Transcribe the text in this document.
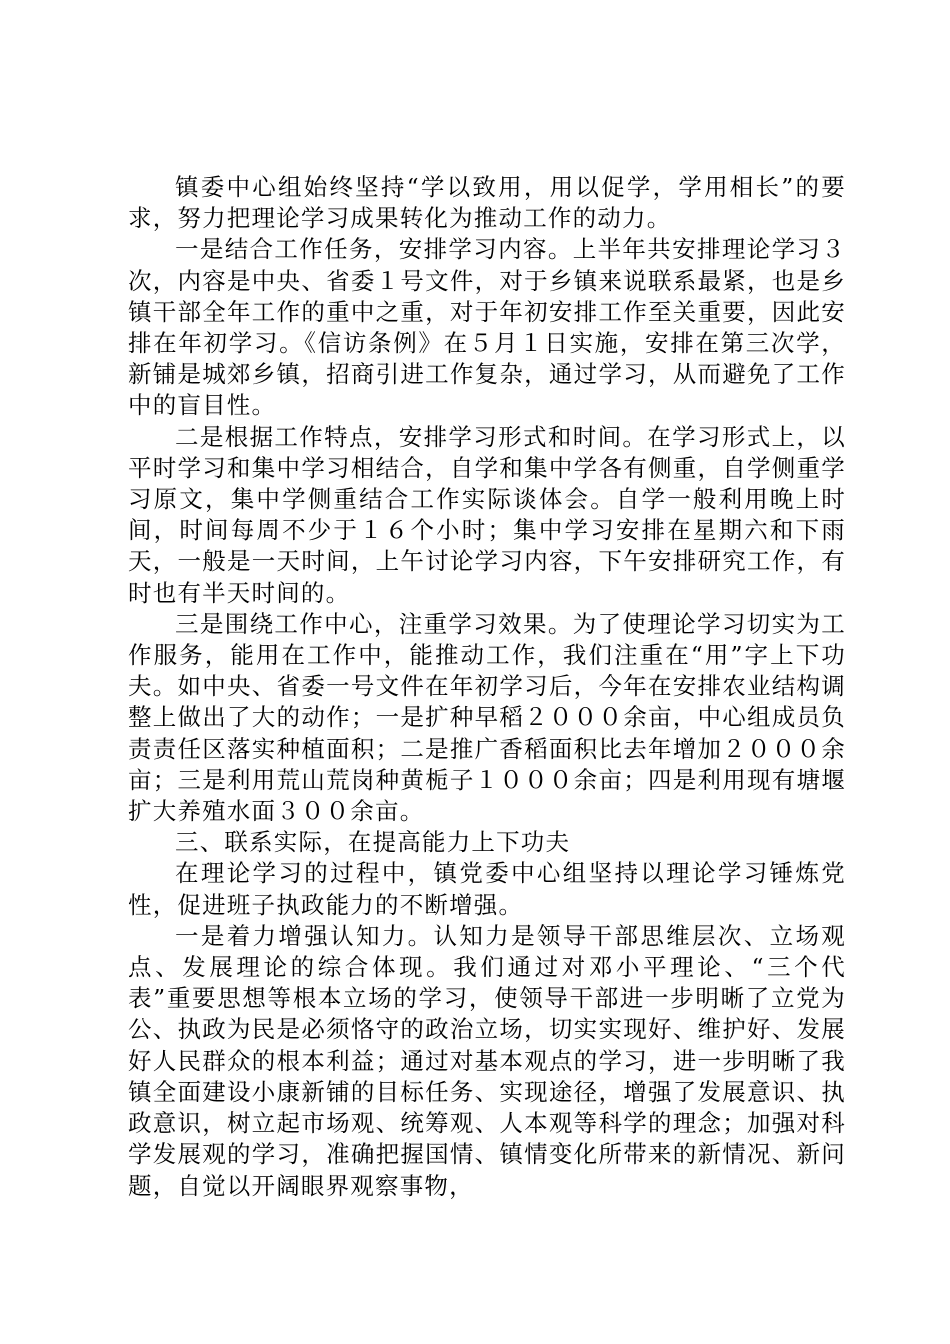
镇委中心组始终坚持“学以致用，用以促学，学用相长”的要求，努力把理论学习成果转化为推动工作的动力。

一是结合工作任务，安排学习内容。上半年共安排理论学习３次，内容是中央、省委１号文件，对于乡镇来说联系最紧，也是乡镇干部全年工作的重中之重，对于年初安排工作至关重要，因此安排在年初学习。《信访条例》在５月１日实施，安排在第三次学，新铺是城郊乡镇，招商引进工作复杂，通过学习，从而避免了工作中的盲目性。

二是根据工作特点，安排学习形式和时间。在学习形式上，以平时学习和集中学习相结合，自学和集中学各有侧重，自学侧重学习原文，集中学侧重结合工作实际谈体会。自学一般利用晚上时间，时间每周不少于１６个小时；集中学习安排在星期六和下雨天，一般是一天时间，上午讨论学习内容，下午安排研究工作，有时也有半天时间的。

三是围绕工作中心，注重学习效果。为了使理论学习切实为工作服务，能用在工作中，能推动工作，我们注重在“用”字上下功夫。如中央、省委一号文件在年初学习后，今年在安排农业结构调整上做出了大的动作；一是扩种早稻２０００余亩，中心组成员负责责任区落实种植面积；二是推广香稻面积比去年增加２０００余亩；三是利用荒山荒岗种黄栀子１０００余亩；四是利用现有塘堰扩大养殖水面３００余亩。

三、联系实际，在提高能力上下功夫

在理论学习的过程中，镇党委中心组坚持以理论学习锤炼党性，促进班子执政能力的不断增强。

一是着力增强认知力。认知力是领导干部思维层次、立场观点、发展理论的综合体现。我们通过对邓小平理论、“三个代表”重要思想等根本立场的学习，使领导干部进一步明晰了立党为公、执政为民是必须恪守的政治立场，切实实现好、维护好、发展好人民群众的根本利益；通过对基本观点的学习，进一步明晰了我镇全面建设小康新铺的目标任务、实现途径，增强了发展意识、执政意识，树立起市场观、统筹观、人本观等科学的理念；加强对科学发展观的学习，准确把握国情、镇情变化所带来的新情况、新问题，自觉以开阔眼界观察事物，
